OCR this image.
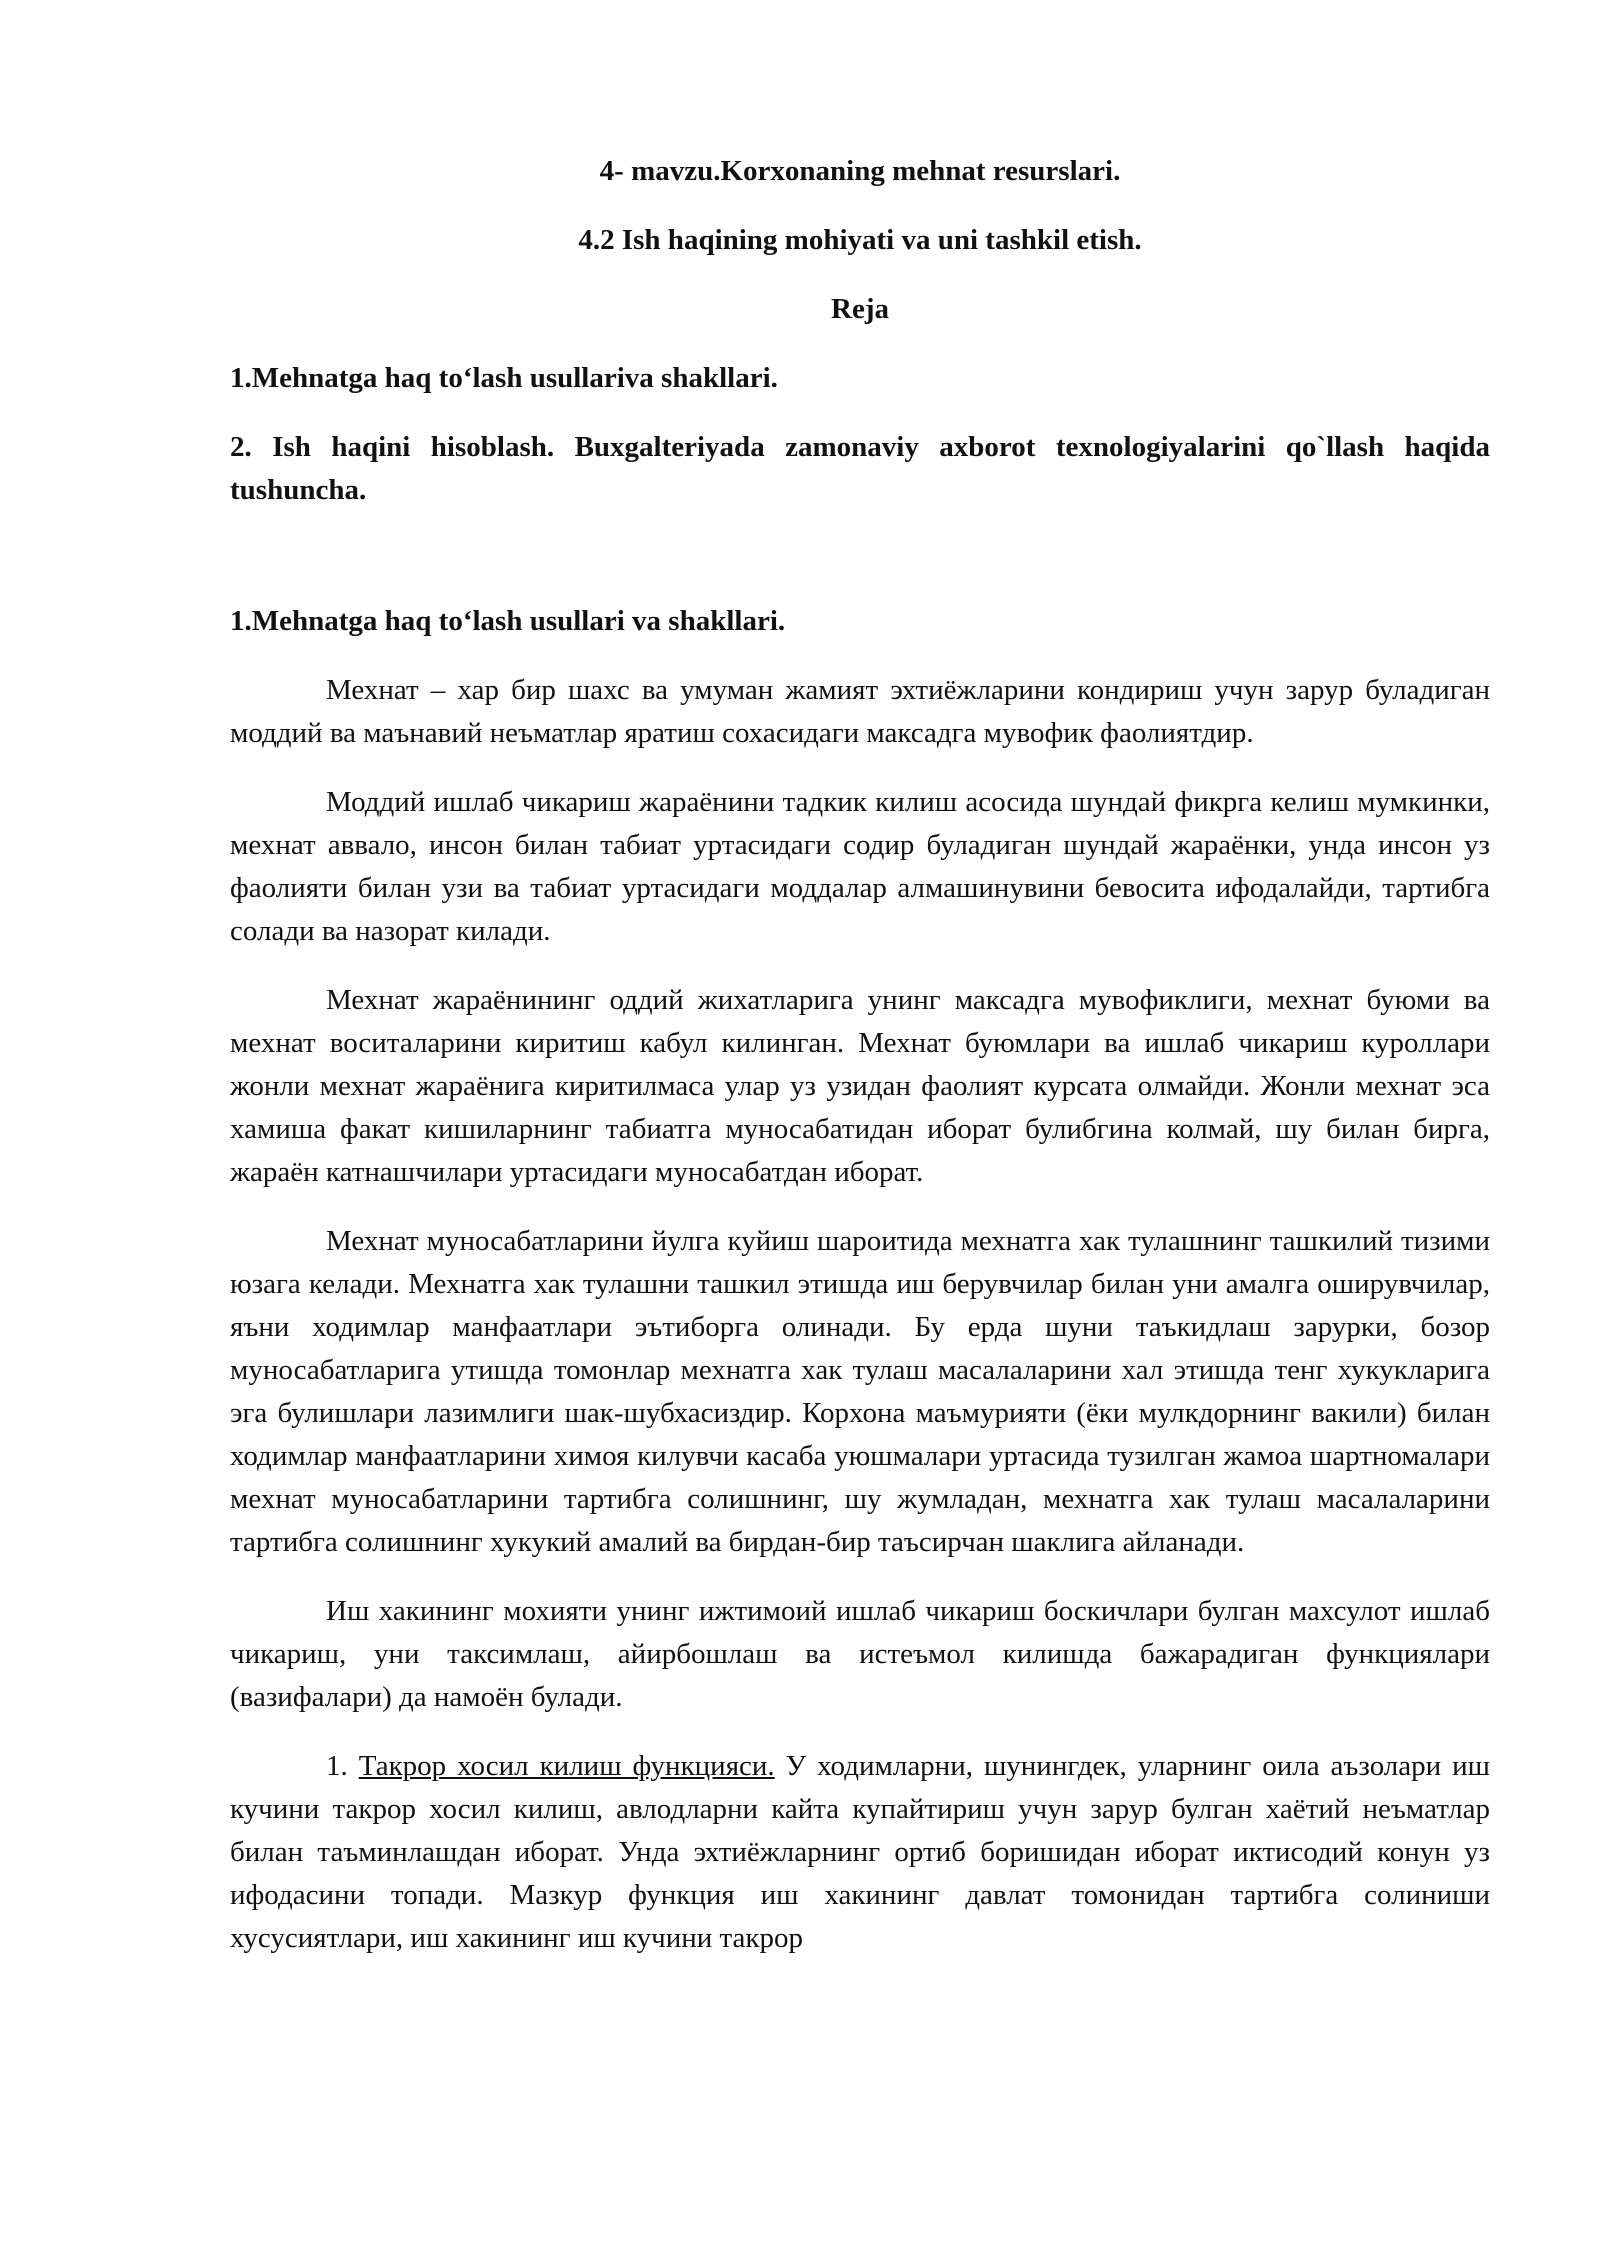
4- mavzu.Korxonaning mehnat resurslari.

4.2 Ish haqining mohiyati va uni tashkil etish.

Reja

1.Mehnatga haq to‘lash usullariva shakllari.

2. Ish haqini hisoblash. Buxgalteriyada zamonaviy axborot texnologiyalarini qo`llash haqida tushuncha.

1.Mehnatga haq to‘lash usullari va shakllari.

Мехнат – хар бир шахс ва умуман жамият эхтиёжларини кондириш учун зарур буладиган моддий ва маънавий неъматлар яратиш сохасидаги максадга мувофик фаолиятдир.

Моддий ишлаб чикариш жараёнини тадкик килиш асосида шундай фикрга келиш мумкинки, мехнат аввало, инсон билан табиат уртасидаги содир буладиган шундай жараёнки, унда инсон уз фаолияти билан узи ва табиат уртасидаги моддалар алмашинувини бевосита ифодалайди, тартибга солади ва назорат килади.

Мехнат жараёнининг оддий жихатларига унинг максадга мувофиклиги, мехнат буюми ва мехнат воситаларини киритиш кабул килинган. Мехнат буюмлари ва ишлаб чикариш куроллари жонли мехнат жараёнига киритилмаса улар уз узидан фаолият курсата олмайди. Жонли мехнат эса хамиша факат кишиларнинг табиатга муносабатидан иборат булибгина колмай, шу билан бирга, жараён катнашчилари уртасидаги муносабатдан иборат.

Мехнат муносабатларини йулга куйиш шароитида мехнатга хак тулашнинг ташкилий тизими юзага келади. Мехнатга хак тулашни ташкил этишда иш берувчилар билан уни амалга оширувчилар, яъни ходимлар манфаатлари эътиборга олинади. Бу ерда шуни таъкидлаш зарурки, бозор муносабатларига утишда томонлар мехнатга хак тулаш масалаларини хал этишда тенг хукукларига эга булишлари лазимлиги шак-шубхасиздир. Корхона маъмурияти (ёки мулкдорнинг вакили) билан ходимлар манфаатларини химоя килувчи касаба уюшмалари уртасида тузилган жамоа шартномалари мехнат муносабатларини тартибга солишнинг, шу жумладан, мехнатга хак тулаш масалаларини тартибга солишнинг хукукий амалий ва бирдан-бир таъсирчан шаклига айланади.

Иш хакининг мохияти унинг ижтимоий ишлаб чикариш боскичлари булган махсулот ишлаб чикариш, уни таксимлаш, айирбошлаш ва истеъмол килишда бажарадиган функциялари (вазифалари) да намоён булади.

1. Такрор хосил килиш функцияси. У ходимларни, шунингдек, уларнинг оила аъзолари иш кучини такрор хосил килиш, авлодларни кайта купайтириш учун зарур булган хаётий неъматлар билан таъминлашдан иборат. Унда эхтиёжларнинг ортиб боришидан иборат иктисодий конун уз ифодасини топади. Мазкур функция иш хакининг давлат томонидан тартибга солиниши хусусиятлари, иш хакининг иш кучини такрор
